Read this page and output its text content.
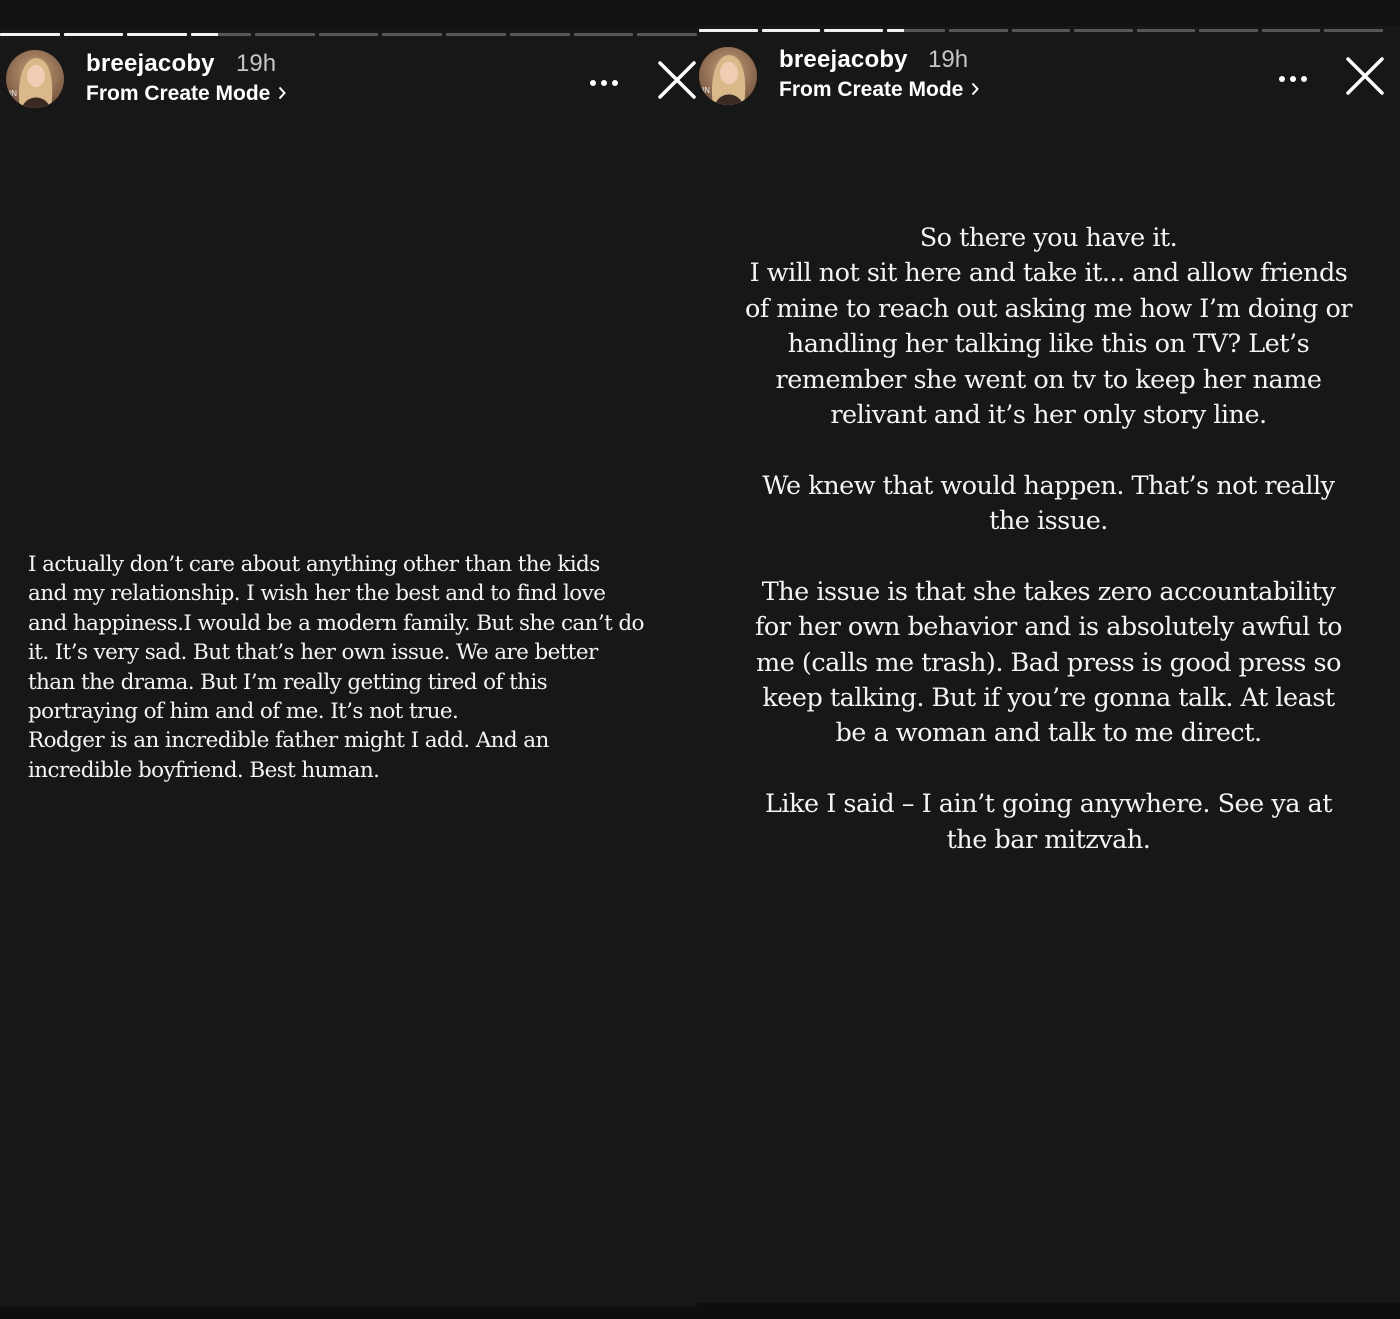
IN
breejacoby 19h
From Create Mode
I actually don’t care about anything other than the kids
and my relationship. I wish her the best and to find love
and happiness.I would be a modern family. But she can’t do
it. It’s very sad. But that’s her own issue. We are better
than the drama. But I’m really getting tired of this
portraying of him and of me. It’s not true.
Rodger is an incredible father might I add. And an
incredible boyfriend. Best human.
IN
breejacoby 19h
From Create Mode
So there you have it.
I will not sit here and take it... and allow friends
of mine to reach out asking me how I’m doing or
handling her talking like this on TV? Let’s
remember she went on tv to keep her name
relivant and it’s her only story line.
We knew that would happen. That’s not really
the issue.
The issue is that she takes zero accountability
for her own behavior and is absolutely awful to
me (calls me trash). Bad press is good press so
keep talking. But if you’re gonna talk. At least
be a woman and talk to me direct.
Like I said – I ain’t going anywhere. See ya at
the bar mitzvah.
